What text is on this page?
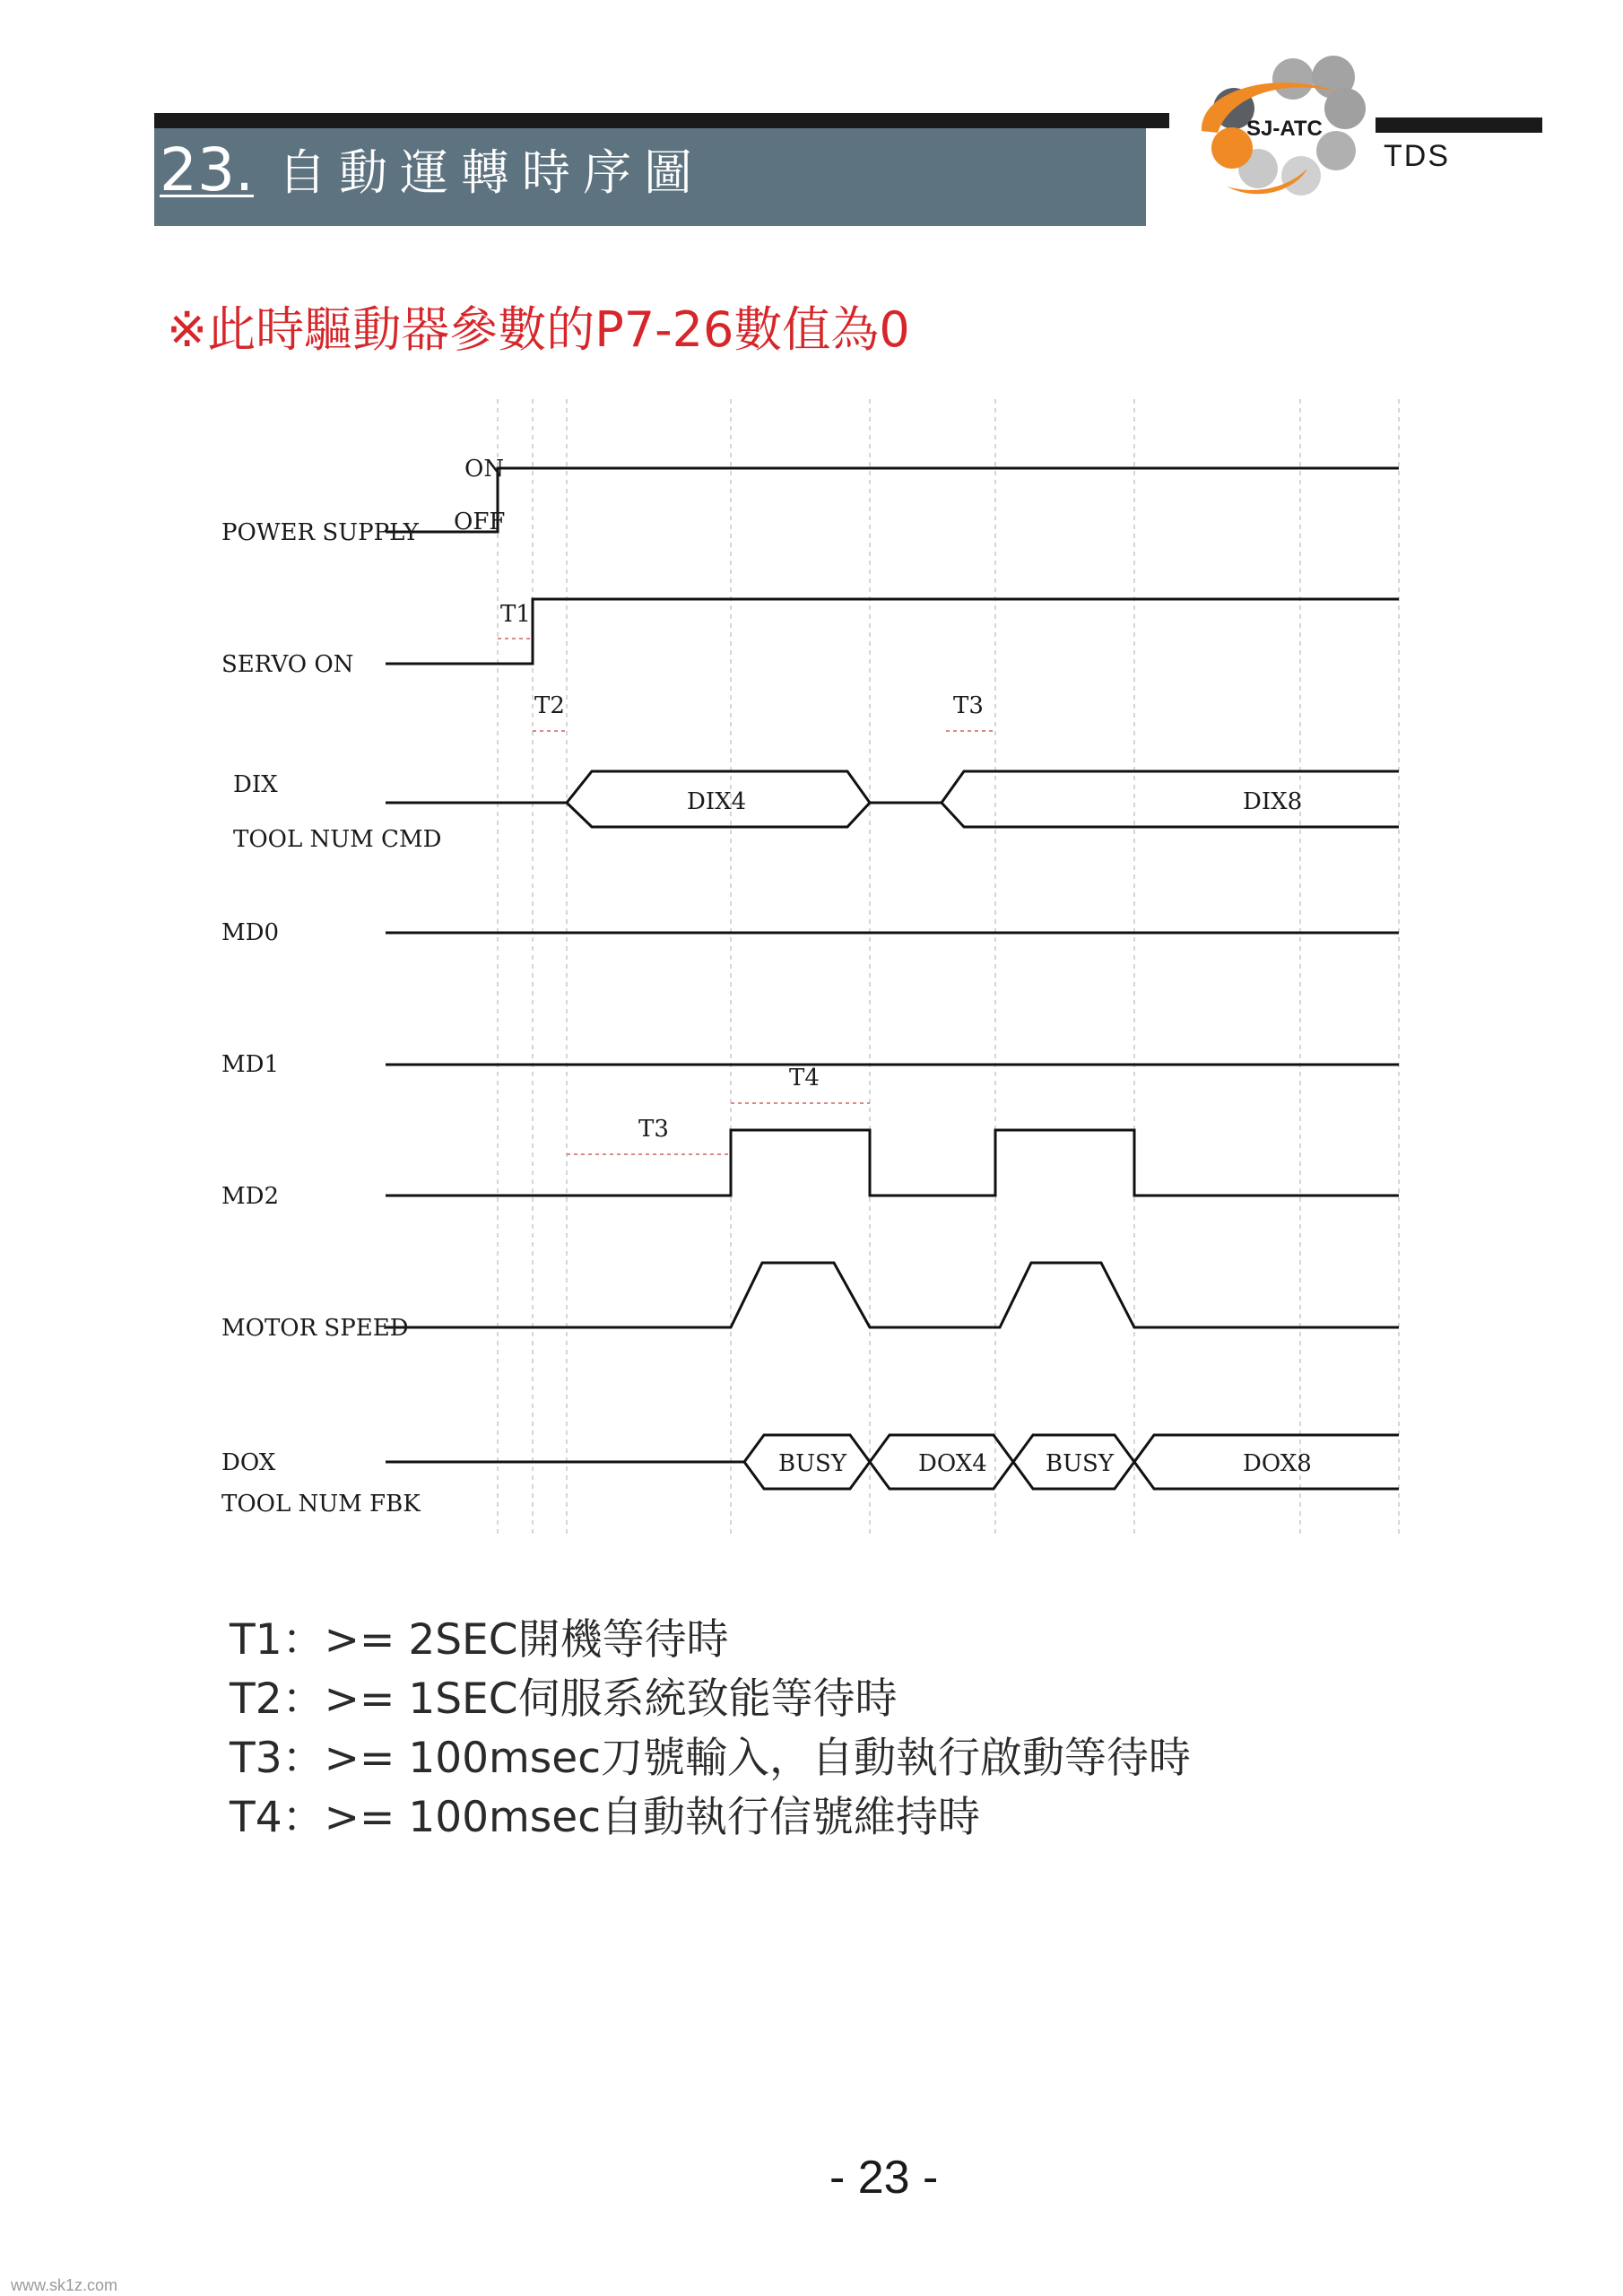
23. 自動運轉時序圖
SJ-ATC
TDS
※此時驅動器參數的P7-26數值為0
POWER SUPPLY
SERVO ON
DIX
TOOL NUM CMD
MD0
MD1
MD2
MOTOR SPEED
DOX
TOOL NUM FBK
ON
OFF
DIX4	DIX8
BUSY	DOX4	BUSY	DOX8
T1
T2	T3
T4
T3
T1：>= 2SEC開機等待時
T2：>= 1SEC伺服系統致能等待時
T3：>= 100msec刀號輸入，自動執行啟動等待時
T4：>= 100msec自動執行信號維持時
- 23 -
www.sk1z.com
